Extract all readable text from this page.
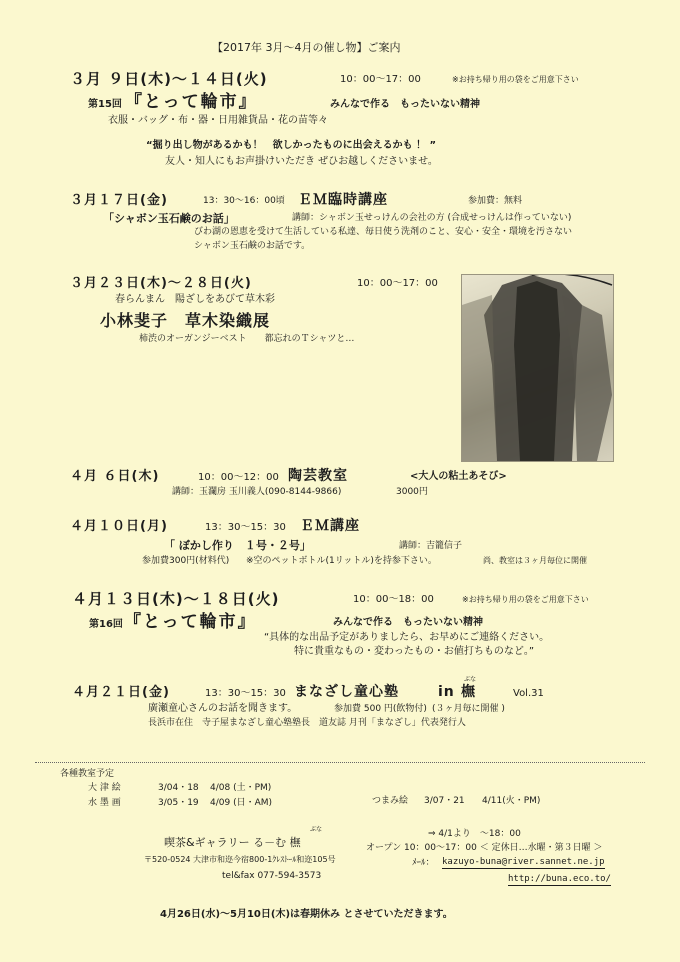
【2017年 3月～4月の催し物】ご案内
３月 ９日(木)～１４日(火)	10：00～17：00	※お持ち帰り用の袋をご用意下さい
第15回 『とって輪市』	みんなで作る　もったいない精神
衣服・バッグ・布・器・日用雑貨品・花の苗等々
“掘り出し物があるかも！　欲しかったものに出会えるかも ！ ”
友人・知人にもお声掛けいただき ぜひお越しくださいませ。
３月１７日(金)	13：30～16：00頃 ＥＭ臨時講座	参加費：無料
「シャボン玉石鹸のお話」	講師：シャボン玉せっけんの会社の方 (合成せっけんは作っていない)
びわ湖の恩恵を受けて生活している私達、毎日使う洗剤のこと、安心・安全・環境を汚さない
シャボン玉石鹸のお話です。
３月２３日(木)～２８日(火)	10：00～17：00
春らんまん　陽ざしをあびて草木彩
小林斐子　草木染織展
柿渋のオーガンジーベスト　　都忘れのＴシャツと…
４月 ６日(木)	10：00～12：00 陶芸教室	<大人の粘土あそび>
講師：玉瀾房 玉川義人(090-8144-9866)	3000円
４月１０日(月)	13：30～15：30 ＥＭ講座
「 ぼかし作り　１号・２号」	講師：吉籠信子
参加費300円(材料代) ※空のペットボトル(1リットル)を持参下さい。	尚、教室は３ヶ月毎位に開催
４月１３日(木)～１８日(火)	10：00～18：00	※お持ち帰り用の袋をご用意下さい
第16回 『とって輪市』	みんなで作る　もったいない精神
“具体的な出品予定がありましたら、お早めにご連絡ください。
特に貴重なもの・変わったもの・お値打ちものなど。”
４月２１日(金)	13：30～15：30 まなざし童心塾	in
ぶな
橅	Vol.31
廣瀬童心さんのお話を聞きます。	参加費 500 円(飲物付) (３ヶ月毎に開催 )
長浜市在住　寺子屋まなざし童心塾塾長　道友誌 月刊「まなざし」代表発行人
各種教室予定
大 津 絵	3/04・18 4/08 (土・PM)
水 墨 画	3/05・19 4/09 (日・AM)	つまみ絵 3/07・21 4/11(火・PM)
ぶな
喫茶&ギャラリー る－む 橅
〒520-0524 大津市和迩今宿800-1ｸﾚｽﾄｰﾙ和迩105号
tel&fax 077-594-3573
⇒ 4/1より　～18：00
オープン 10：00～17：00 ＜ 定休日…水曜・第３日曜 ＞
ﾒｰﾙ： kazuyo-buna@river.sannet.ne.jp
http://buna.eco.to/
4月26日(水)～5月10日(木)は春期休み とさせていただきます。
